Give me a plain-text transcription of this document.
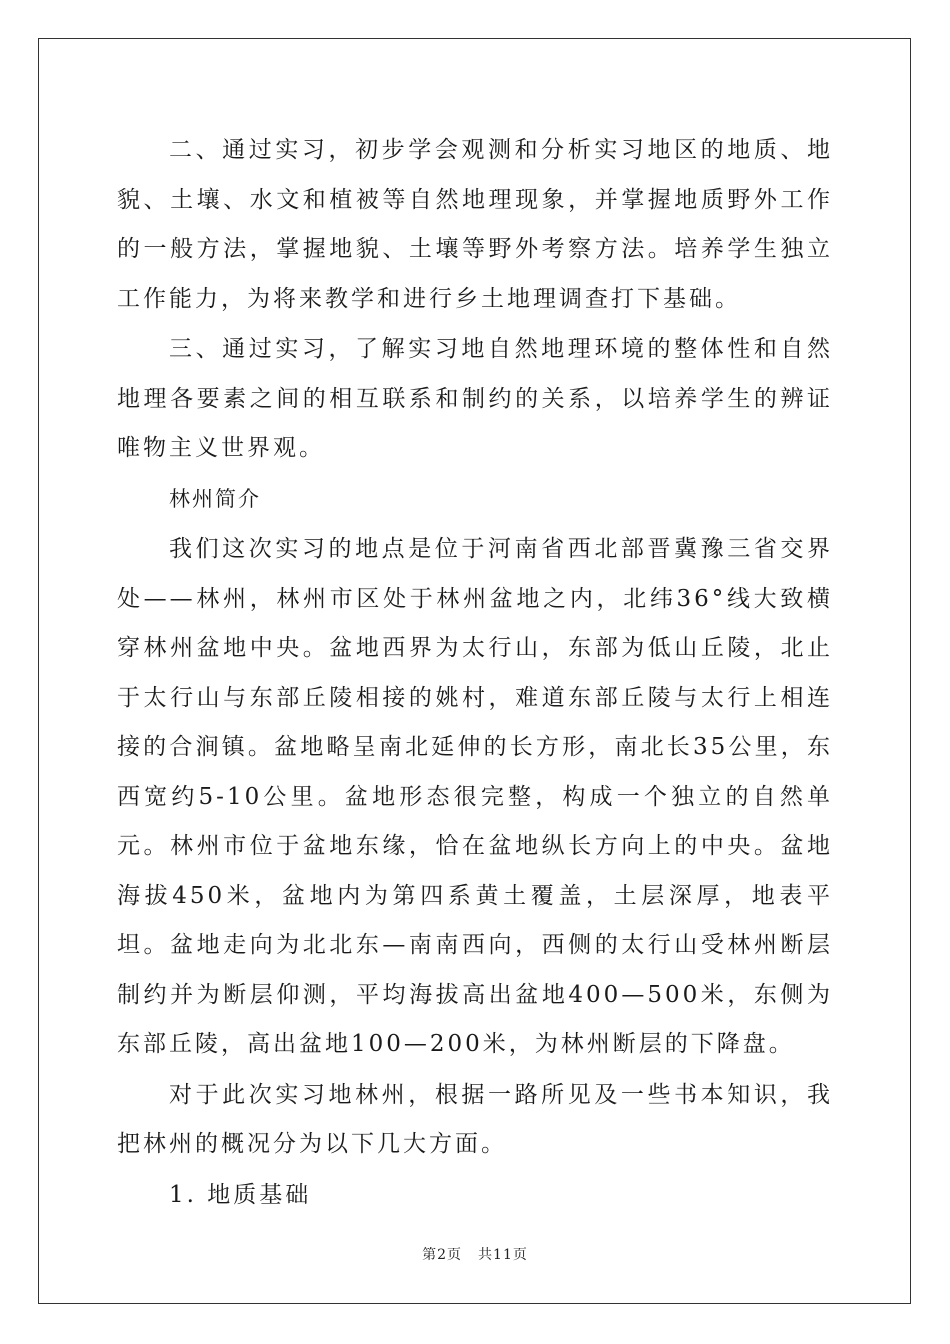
二、通过实习，初步学会观测和分析实习地区的地质、地貌、土壤、水文和植被等自然地理现象，并掌握地质野外工作的一般方法，掌握地貌、土壤等野外考察方法。培养学生独立工作能力，为将来教学和进行乡土地理调查打下基础。

三、通过实习，了解实习地自然地理环境的整体性和自然地理各要素之间的相互联系和制约的关系，以培养学生的辨证唯物主义世界观。

林州简介

我们这次实习的地点是位于河南省西北部晋冀豫三省交界处——林州，林州市区处于林州盆地之内，北纬36°线大致横穿林州盆地中央。盆地西界为太行山，东部为低山丘陵，北止于太行山与东部丘陵相接的姚村，难道东部丘陵与太行上相连接的合涧镇。盆地略呈南北延伸的长方形，南北长35公里，东西宽约5-10公里。盆地形态很完整，构成一个独立的自然单元。林州市位于盆地东缘，恰在盆地纵长方向上的中央。盆地海拔450米，盆地内为第四系黄土覆盖，土层深厚，地表平坦。盆地走向为北北东—南南西向，西侧的太行山受林州断层制约并为断层仰测，平均海拔高出盆地400—500米，东侧为东部丘陵，高出盆地100—200米，为林州断层的下降盘。

对于此次实习地林州，根据一路所见及一些书本知识，我把林州的概况分为以下几大方面。

1. 地质基础

第2页 共11页
